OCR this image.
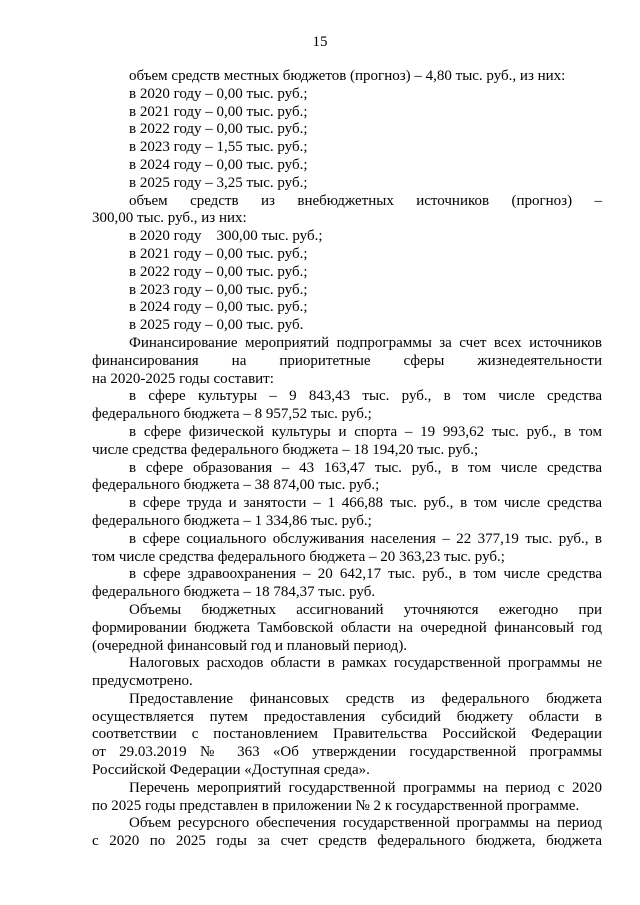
15
объем средств местных бюджетов (прогноз) – 4,80 тыс. руб., из них:
в 2020 году – 0,00 тыс. руб.;
в 2021 году – 0,00 тыс. руб.;
в 2022 году – 0,00 тыс. руб.;
в 2023 году – 1,55 тыс. руб.;
в 2024 году – 0,00 тыс. руб.;
в 2025 году – 3,25 тыс. руб.;
объем средств из внебюджетных источников (прогноз) –
300,00 тыс. руб., из них:
в 2020 году    300,00 тыс. руб.;
в 2021 году – 0,00 тыс. руб.;
в 2022 году – 0,00 тыс. руб.;
в 2023 году – 0,00 тыс. руб.;
в 2024 году – 0,00 тыс. руб.;
в 2025 году – 0,00 тыс. руб.
Финансирование мероприятий подпрограммы за счет всех источников
финансирования на приоритетные сферы жизнедеятельности
на 2020-2025 годы составит:
в сфере культуры – 9 843,43 тыс. руб., в том числе средства
федерального бюджета – 8 957,52 тыс. руб.;
в сфере физической культуры и спорта – 19 993,62 тыс. руб., в том
числе средства федерального бюджета – 18 194,20 тыс. руб.;
в сфере образования – 43 163,47 тыс. руб., в том числе средства
федерального бюджета – 38 874,00 тыс. руб.;
в сфере труда и занятости – 1 466,88 тыс. руб., в том числе средства
федерального бюджета – 1 334,86 тыс. руб.;
в сфере социального обслуживания населения – 22 377,19 тыс. руб., в
том числе средства федерального бюджета – 20 363,23 тыс. руб.;
в сфере здравоохранения – 20 642,17 тыс. руб., в том числе средства
федерального бюджета – 18 784,37 тыс. руб.
Объемы бюджетных ассигнований уточняются ежегодно при
формировании бюджета Тамбовской области на очередной финансовый год
(очередной финансовый год и плановый период).
Налоговых расходов области в рамках государственной программы не
предусмотрено.
Предоставление финансовых средств из федерального бюджета
осуществляется путем предоставления субсидий бюджету области в
соответствии с постановлением Правительства Российской Федерации
от 29.03.2019 № 363 «Об утверждении государственной программы
Российской Федерации «Доступная среда».
Перечень мероприятий государственной программы на период с 2020
по 2025 годы представлен в приложении № 2 к государственной программе.
Объем ресурсного обеспечения государственной программы на период
с 2020 по 2025 годы за счет средств федерального бюджета, бюджета
